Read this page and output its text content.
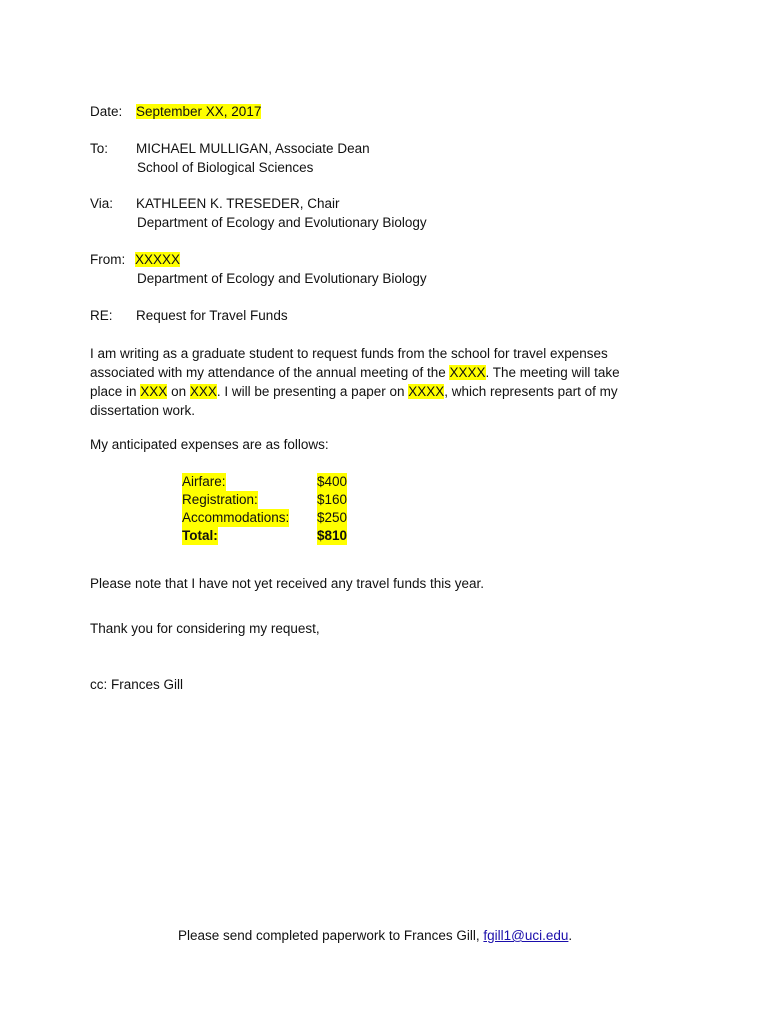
Date: September XX, 2017
To: MICHAEL MULLIGAN, Associate Dean
School of Biological Sciences
Via: KATHLEEN K. TRESEDER, Chair
Department of Ecology and Evolutionary Biology
From: XXXXX
Department of Ecology and Evolutionary Biology
RE: Request for Travel Funds
I am writing as a graduate student to request funds from the school for travel expenses associated with my attendance of the annual meeting of the XXXX. The meeting will take place in XXX on XXX. I will be presenting a paper on XXXX, which represents part of my dissertation work.
My anticipated expenses are as follows:
Airfare:	$400
Registration:	$160
Accommodations: $250
Total:	$810
Please note that I have not yet received any travel funds this year.
Thank you for considering my request,
cc: Frances Gill
Please send completed paperwork to Frances Gill, fgill1@uci.edu.
